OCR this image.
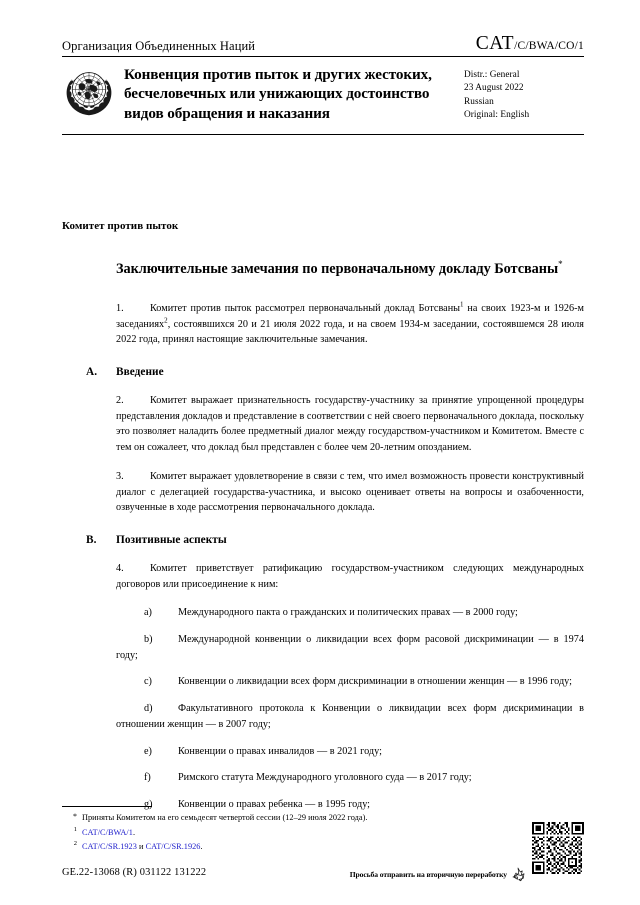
Организация Объединенных Наций	CAT/C/BWA/CO/1
Конвенция против пыток и других жестоких, бесчеловечных или унижающих достоинство видов обращения и наказания
Distr.: General
23 August 2022
Russian
Original: English
Комитет против пыток
Заключительные замечания по первоначальному докладу Ботсваны*
1.	Комитет против пыток рассмотрел первоначальный доклад Ботсваны$^1$ на своих 1923-м и 1926-м заседаниях$^2$, состоявшихся 20 и 21 июля 2022 года, и на своем 1934-м заседании, состоявшемся 28 июля 2022 года, принял настоящие заключительные замечания.
A. Введение
2.	Комитет выражает признательность государству-участнику за принятие упрощенной процедуры представления докладов и представление в соответствии с ней своего первоначального доклада, поскольку это позволяет наладить более предметный диалог между государством-участником и Комитетом. Вместе с тем он сожалеет, что доклад был представлен с более чем 20-летним опозданием.
3.	Комитет выражает удовлетворение в связи с тем, что имел возможность провести конструктивный диалог с делегацией государства-участника, и высоко оценивает ответы на вопросы и озабоченности, озвученные в ходе рассмотрения первоначального доклада.
B. Позитивные аспекты
4.	Комитет приветствует ратификацию государством-участником следующих международных договоров или присоединение к ним:
a)	Международного пакта о гражданских и политических правах — в 2000 году;
b) Международной конвенции о ликвидации всех форм расовой дискриминации — в 1974 году;
c)	Конвенции о ликвидации всех форм дискриминации в отношении женщин — в 1996 году;
d) Факультативного протокола к Конвенции о ликвидации всех форм дискриминации в отношении женщин — в 2007 году;
e)	Конвенции о правах инвалидов — в 2021 году;
f)	Римского статута Международного уголовного суда — в 2017 году;
g) Конвенции о правах ребенка — в 1995 году;
* Приняты Комитетом на его семьдесят четвертой сессии (12–29 июля 2022 года).
1 CAT/C/BWA/1.
2 CAT/C/SR.1923 и CAT/C/SR.1926.
GE.22-13068 (R) 031122 131222	Просьба отправить на вторичную переработку
